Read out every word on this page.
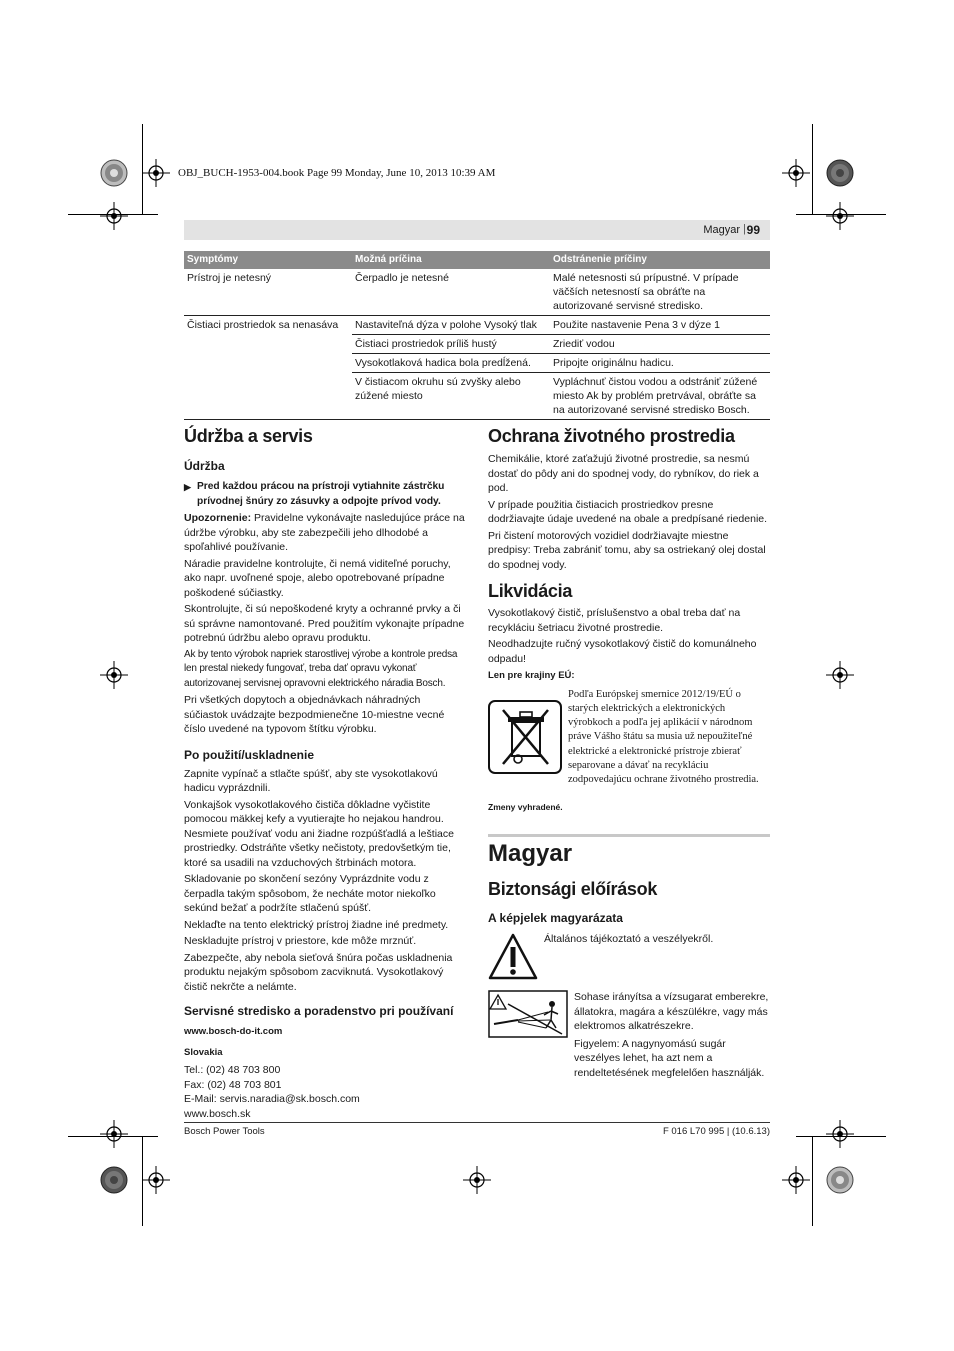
OBJ_BUCH-1953-004.book Page 99 Monday, June 10, 2013 10:39 AM
Magyar | 99
Symptómy	Možná príčina	Odstránenie príčiny
Prístroj je netesný	Čerpadlo je netesné	Malé netesnosti sú prípustné. V prípade väčších netesností sa obráťte na autorizované servisné stredisko.
Čistiaci prostriedok sa nenasáva	Nastaviteľná dýza v polohe Vysoký tlak	Použite nastavenie Pena 3 v dýze 1
	Čistiaci prostriedok príliš hustý	Zriediť vodou
	Vysokotlaková hadica bola predĺžená.	Pripojte originálnu hadicu.
	V čistiacom okruhu sú zvyšky alebo zúžené miesto	Vypláchnuť čistou vodou a odstrániť zúžené miesto Ak by problém pretrvával, obráťte sa na autorizované servisné stredisko Bosch.
Údržba a servis
Údržba
▶ Pred každou prácou na prístroji vytiahnite zástrčku prívodnej šnúry zo zásuvky a odpojte prívod vody.

Upozornenie: Pravidelne vykonávajte nasledujúce práce na údržbe výrobku, aby ste zabezpečili jeho dlhodobé a spoľahlivé používanie.

Náradie pravidelne kontrolujte, či nemá viditeľné poruchy, ako napr. uvoľnené spoje, alebo opotrebované prípadne poškodené súčiastky.

Skontrolujte, či sú nepoškodené kryty a ochranné prvky a či sú správne namontované. Pred použitím vykonajte prípadne potrebnú údržbu alebo opravu produktu.

Ak by tento výrobok napriek starostlivej výrobe a kontrole predsa len prestal niekedy fungovať, treba dať opravu vykonať autorizovanej servisnej opravovni elektrického náradia Bosch.

Pri všetkých dopytoch a objednávkach náhradných súčiastok uvádzajte bezpodmienečne 10-miestne vecné číslo uvedené na typovom štítku výrobku.

Po použití/uskladnenie

Zapnite vypínač a stlačte spúšť, aby ste vysokotlakovú hadicu vyprázdnili.

Vonkajšok vysokotlakového čističa dôkladne vyčistite pomocou mäkkej kefy a vyutierajte ho nejakou handrou. Nesmiete používať vodu ani žiadne rozpúšťadlá a leštiace prostriedky. Odstráňte všetky nečistoty, predovšetkým tie, ktoré sa usadili na vzduchových štrbinách motora.

Skladovanie po skončení sezóny Vyprázdnite vodu z čerpadla takým spôsobom, že necháte motor niekoľko sekúnd bežať a podržíte stlačenú spúšť.

Neklaďte na tento elektrický prístroj žiadne iné predmety.

Neskladujte prístroj v priestore, kde môže mrznúť.

Zabezpečte, aby nebola sieťová šnúra počas uskladnenia produktu nejakým spôsobom zacviknutá. Vysokotlakový čistič nekrčte a nelámte.

Servisné stredisko a poradenstvo pri používaní

www.bosch-do-it.com

Slovakia

Tel.: (02) 48 703 800
Fax: (02) 48 703 801
E-Mail: servis.naradia@sk.bosch.com
www.bosch.sk
Ochrana životného prostredia

Chemikálie, ktoré zaťažujú životné prostredie, sa nesmú dostať do pôdy ani do spodnej vody, do rybníkov, do riek a pod.

V prípade použitia čistiacich prostriedkov presne dodržiavajte údaje uvedené na obale a predpísané riedenie.

Pri čistení motorových vozidiel dodržiavajte miestne predpisy: Treba zabrániť tomu, aby sa ostriekaný olej dostal do spodnej vody.

Likvidácia

Vysokotlakový čistič, príslušenstvo a obal treba dať na recykláciu šetriacu životné prostredie.

Neodhadzujte ručný vysokotlakový čistič do komunálneho odpadu!

Len pre krajiny EÚ:

Podľa Európskej smernice 2012/19/EÚ o starých elektrických a elektronických výrobkoch a podľa jej aplikácií v národnom práve Vášho štátu sa musia už nepoužiteľné elektrické a elektronické prístroje zbierať separovane a dávať na recykláciu zodpovedajúcu ochrane životného prostredia.

Zmeny vyhradené.

Magyar
Biztonsági előírások
A képjelek magyarázata
Általános tájékoztató a veszélyekről.

Sohase irányítsa a vízsugarat emberekre, állatokra, magára a készülékre, vagy más elektromos alkatrészekre.

Figyelem: A nagynyomású sugár veszélyes lehet, ha azt nem a rendeltetésének megfelelően használják.

Bosch Power Tools	F 016 L70 995 | (10.6.13)
